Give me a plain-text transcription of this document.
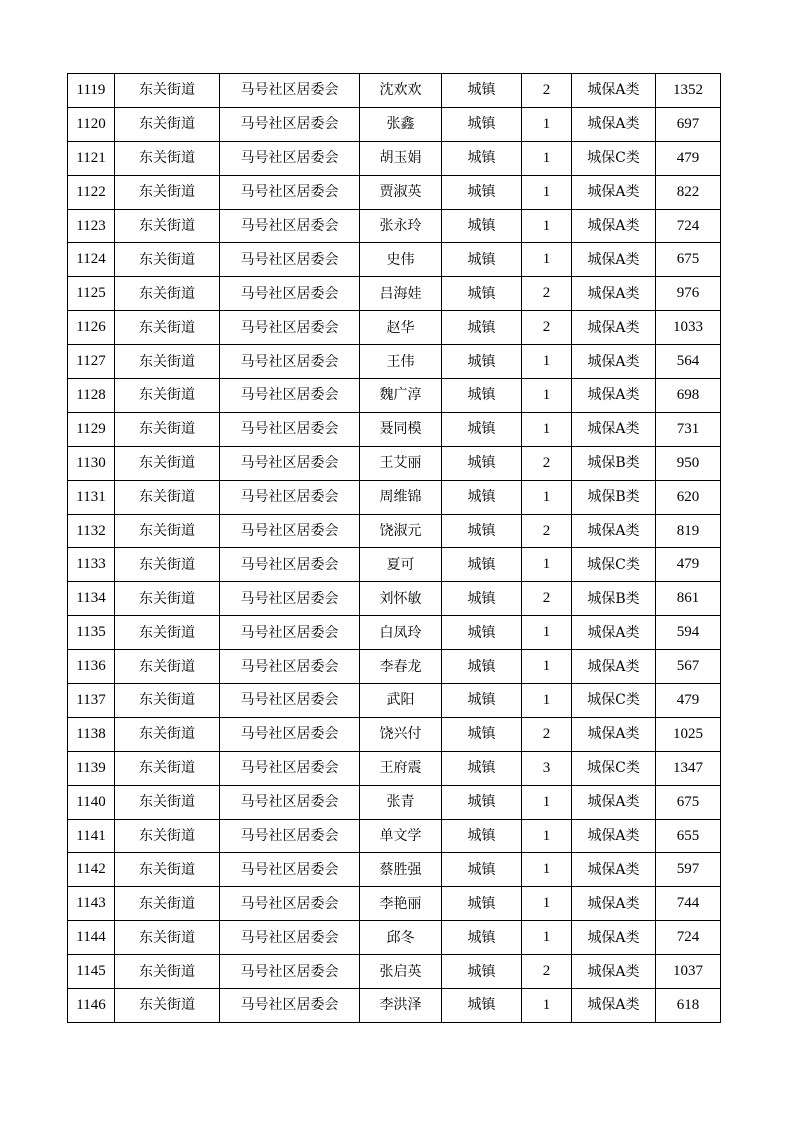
1119	东关街道	马号社区居委会	沈欢欢	城镇	2	城保A类	1352
1120	东关街道	马号社区居委会	张鑫	城镇	1	城保A类	697
1121	东关街道	马号社区居委会	胡玉娟	城镇	1	城保C类	479
1122	东关街道	马号社区居委会	贾淑英	城镇	1	城保A类	822
1123	东关街道	马号社区居委会	张永玲	城镇	1	城保A类	724
1124	东关街道	马号社区居委会	史伟	城镇	1	城保A类	675
1125	东关街道	马号社区居委会	吕海娃	城镇	2	城保A类	976
1126	东关街道	马号社区居委会	赵华	城镇	2	城保A类	1033
1127	东关街道	马号社区居委会	王伟	城镇	1	城保A类	564
1128	东关街道	马号社区居委会	魏广淳	城镇	1	城保A类	698
1129	东关街道	马号社区居委会	聂同模	城镇	1	城保A类	731
1130	东关街道	马号社区居委会	王艾丽	城镇	2	城保B类	950
1131	东关街道	马号社区居委会	周维锦	城镇	1	城保B类	620
1132	东关街道	马号社区居委会	饶淑元	城镇	2	城保A类	819
1133	东关街道	马号社区居委会	夏可	城镇	1	城保C类	479
1134	东关街道	马号社区居委会	刘怀敏	城镇	2	城保B类	861
1135	东关街道	马号社区居委会	白凤玲	城镇	1	城保A类	594
1136	东关街道	马号社区居委会	李春龙	城镇	1	城保A类	567
1137	东关街道	马号社区居委会	武阳	城镇	1	城保C类	479
1138	东关街道	马号社区居委会	饶兴付	城镇	2	城保A类	1025
1139	东关街道	马号社区居委会	王府震	城镇	3	城保C类	1347
1140	东关街道	马号社区居委会	张青	城镇	1	城保A类	675
1141	东关街道	马号社区居委会	单文学	城镇	1	城保A类	655
1142	东关街道	马号社区居委会	蔡胜强	城镇	1	城保A类	597
1143	东关街道	马号社区居委会	李艳丽	城镇	1	城保A类	744
1144	东关街道	马号社区居委会	邱冬	城镇	1	城保A类	724
1145	东关街道	马号社区居委会	张启英	城镇	2	城保A类	1037
1146	东关街道	马号社区居委会	李洪泽	城镇	1	城保A类	618
